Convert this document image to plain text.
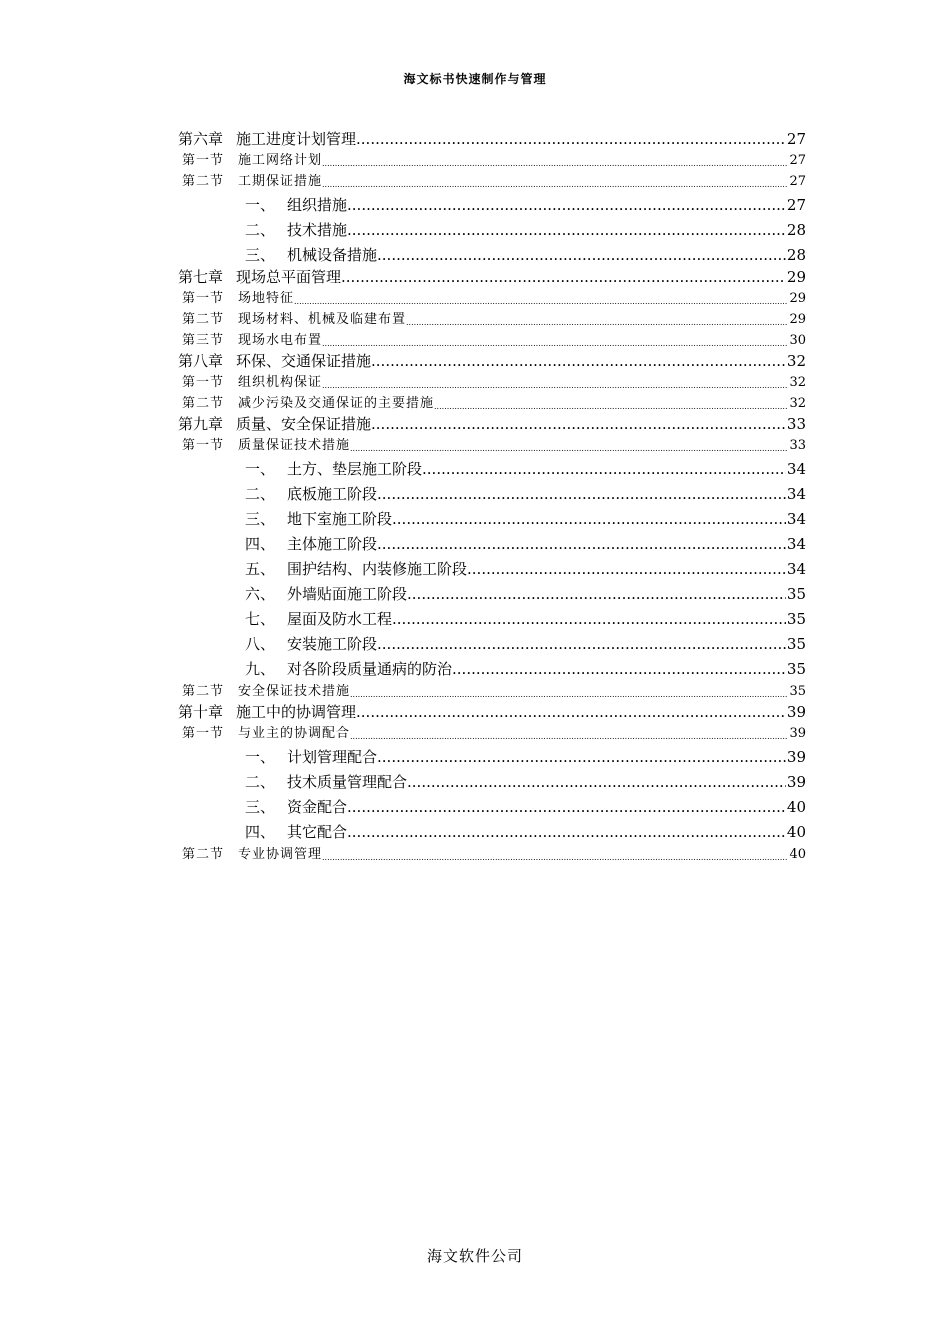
海文标书快速制作与管理
第六章 施工进度计划管理 .....	27
第一节	施工网络计划 .....	27
第二节	工期保证措施 .....	27
一、 组织措施 .....	27
二、 技术措施 .....	28
三、 机械设备措施 .....	28
第七章 现场总平面管理 .....	29
第一节	场地特征 .....	29
第二节	现场材料、机械及临建布置 .....	29
第三节	现场水电布置 .....	30
第八章 环保、交通保证措施 .....	32
第一节	组织机构保证 .....	32
第二节	减少污染及交通保证的主要措施 .....	32
第九章 质量、安全保证措施 .....	33
第一节	质量保证技术措施 .....	33
一、 土方、垫层施工阶段 .....	34
二、 底板施工阶段 .....	34
三、 地下室施工阶段 .....	34
四、 主体施工阶段 .....	34
五、 围护结构、内装修施工阶段 .....	34
六、 外墙贴面施工阶段 .....	35
七、 屋面及防水工程 .....	35
八、 安装施工阶段 .....	35
九、 对各阶段质量通病的防治 .....	35
第二节	安全保证技术措施 .....	35
第十章 施工中的协调管理 .....	39
第一节	与业主的协调配合 .....	39
一、 计划管理配合 .....	39
二、 技术质量管理配合 .....	39
三、 资金配合 .....	40
四、 其它配合 .....	40
第二节	专业协调管理 .....	40
海文软件公司
